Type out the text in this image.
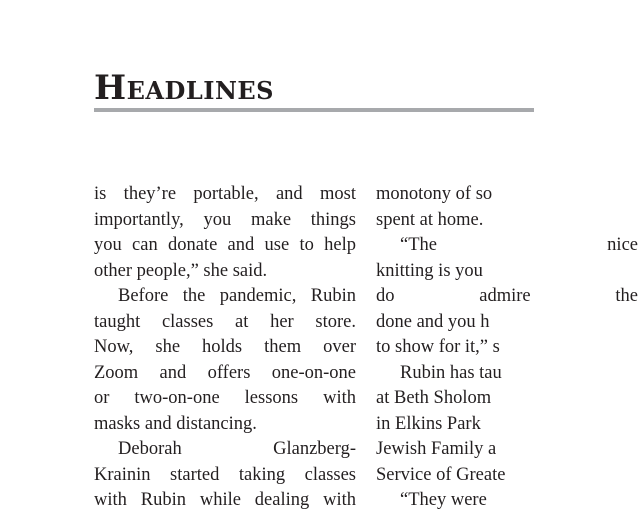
Headlines
is they’re portable, and most
importantly, you make things
you can donate and use to help
other people,” she said.
Before the pandemic, Rubin
taught classes at her store.
Now, she holds them over
Zoom and offers one-on-one
or two-on-one lessons with
masks and distancing.
Deborah Glanzberg-
Krainin started taking classes
with Rubin while dealing with
monotony of so
spent at home.
“The nice
knitting is you
do admire the
done and you h
to show for it,” s
Rubin has tau
at Beth Sholom
in Elkins Park
Jewish Family a
Service of Greate
“They were
